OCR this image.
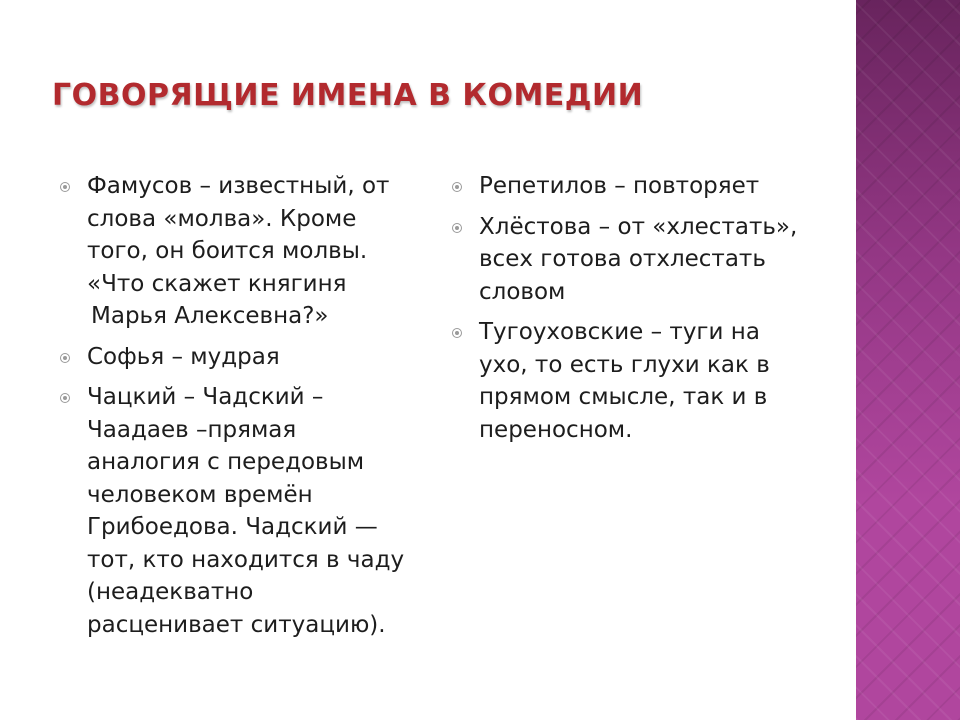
ГОВОРЯЩИЕ ИМЕНА В КОМЕДИИ
Фамусов – известный, от
слова «молва». Кроме
того, он боится молвы.
«Что скажет княгиня
Марья Алексевна?»
Софья – мудрая
Чацкий – Чадский –
Чаадаев –прямая
аналогия с передовым
человеком времён
Грибоедова. Чадский —
тот, кто находится в чаду
(неадекватно
расценивает ситуацию).
Репетилов – повторяет
Хлёстова – от «хлестать»,
всех готова отхлестать
словом
Тугоуховские – туги на
ухо, то есть глухи как в
прямом смысле, так и в
переносном.
